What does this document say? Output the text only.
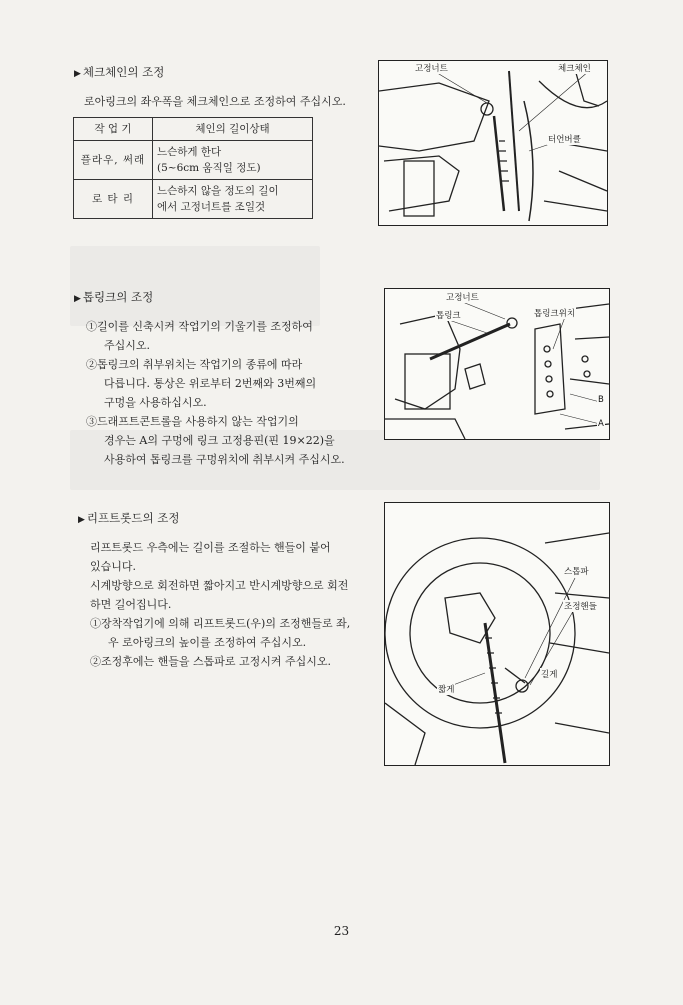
▶ 체크체인의 조정

로아링크의 좌우폭을 체크체인으로 조정하여 주십시오.

작 업 기	체인의 길이상태
플라우, 써래	느슨하게 한다
(5~6cm 움직일 정도)
로 타 리	느슨하지 않을 정도의 길이
에서 고정너트를 조일것
고정너트	체크체인
터언버클
▶ 톱링크의 조정

①길이를 신축시켜 작업기의 기울기를 조정하여
주십시오.

②톱링크의 취부위치는 작업기의 종류에 따라
다릅니다. 통상은 위로부터 2번째와 3번째의
구멍을 사용하십시오.

③드래프트콘트롤을 사용하지 않는 작업기의
경우는 A의 구멍에 링크 고정용핀(핀 19×22)을
사용하여 톱링크를 구멍위치에 취부시켜 주십시오.

고정너트
톱링크	톱링크위치
B
A
▶ 리프트롯드의 조정

리프트롯드 우측에는 길이를 조절하는 핸들이 붙어

있습니다.

시계방향으로 회전하면 짧아지고 반시계방향으로 회전

하면 길어집니다.

①장착작업기에 의해 리프트롯드(우)의 조정핸들로 좌,
우 로아링크의 높이를 조정하여 주십시오.

②조정후에는 핸들을 스톱파로 고정시켜 주십시오.

스톱파
조정핸들
길게
짧게
23
